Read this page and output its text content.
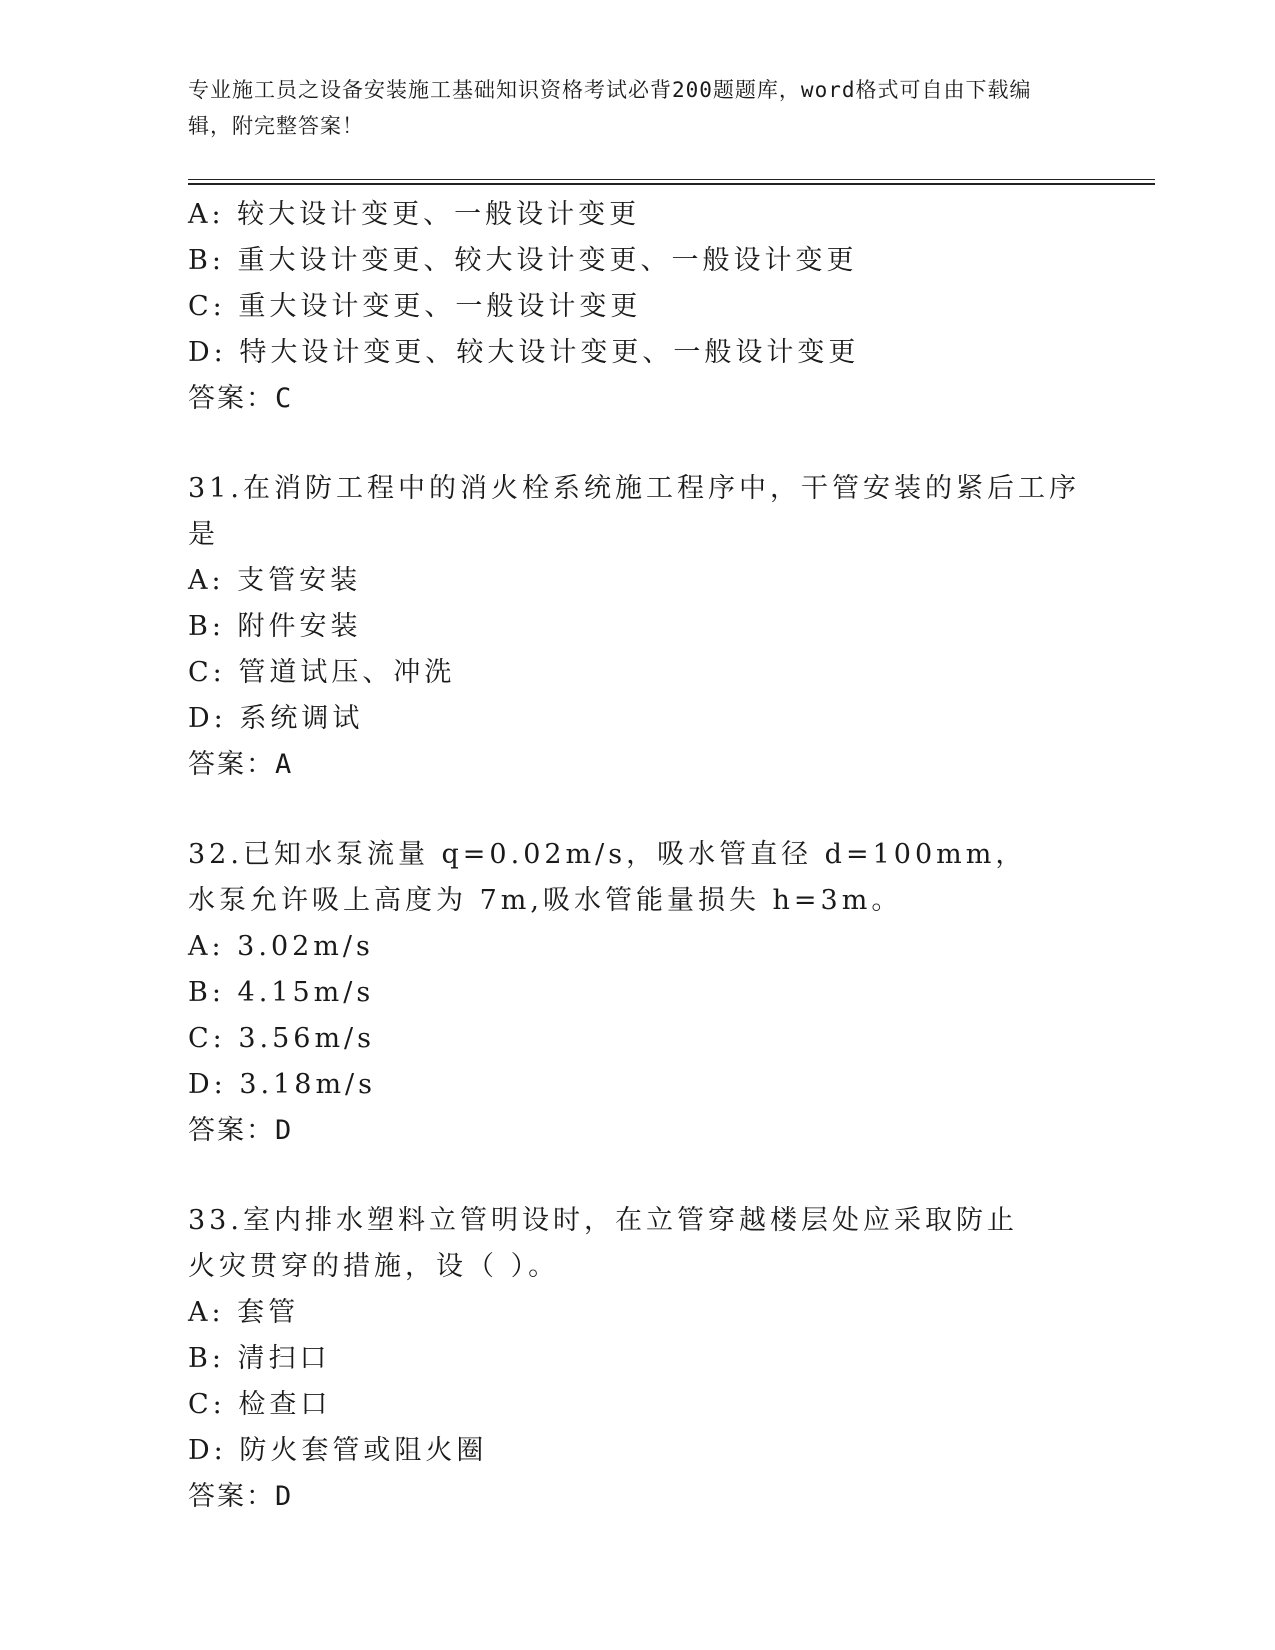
专业施工员之设备安装施工基础知识资格考试必背200题题库，word格式可自由下载编辑，附完整答案！
A: 较大设计变更、一般设计变更
B: 重大设计变更、较大设计变更、一般设计变更
C: 重大设计变更、一般设计变更
D: 特大设计变更、较大设计变更、一般设计变更
答案：C
31.在消防工程中的消火栓系统施工程序中，干管安装的紧后工序是
A: 支管安装
B: 附件安装
C: 管道试压、冲洗
D: 系统调试
答案：A
32.已知水泵流量 q=0.02m/s，吸水管直径 d=100mm，水泵允许吸上高度为 7m,吸水管能量损失 h=3m。
A: 3.02m/s
B: 4.15m/s
C: 3.56m/s
D: 3.18m/s
答案：D
33.室内排水塑料立管明设时，在立管穿越楼层处应采取防止火灾贯穿的措施，设（ ）。
A: 套管
B: 清扫口
C: 检查口
D: 防火套管或阻火圈
答案：D
